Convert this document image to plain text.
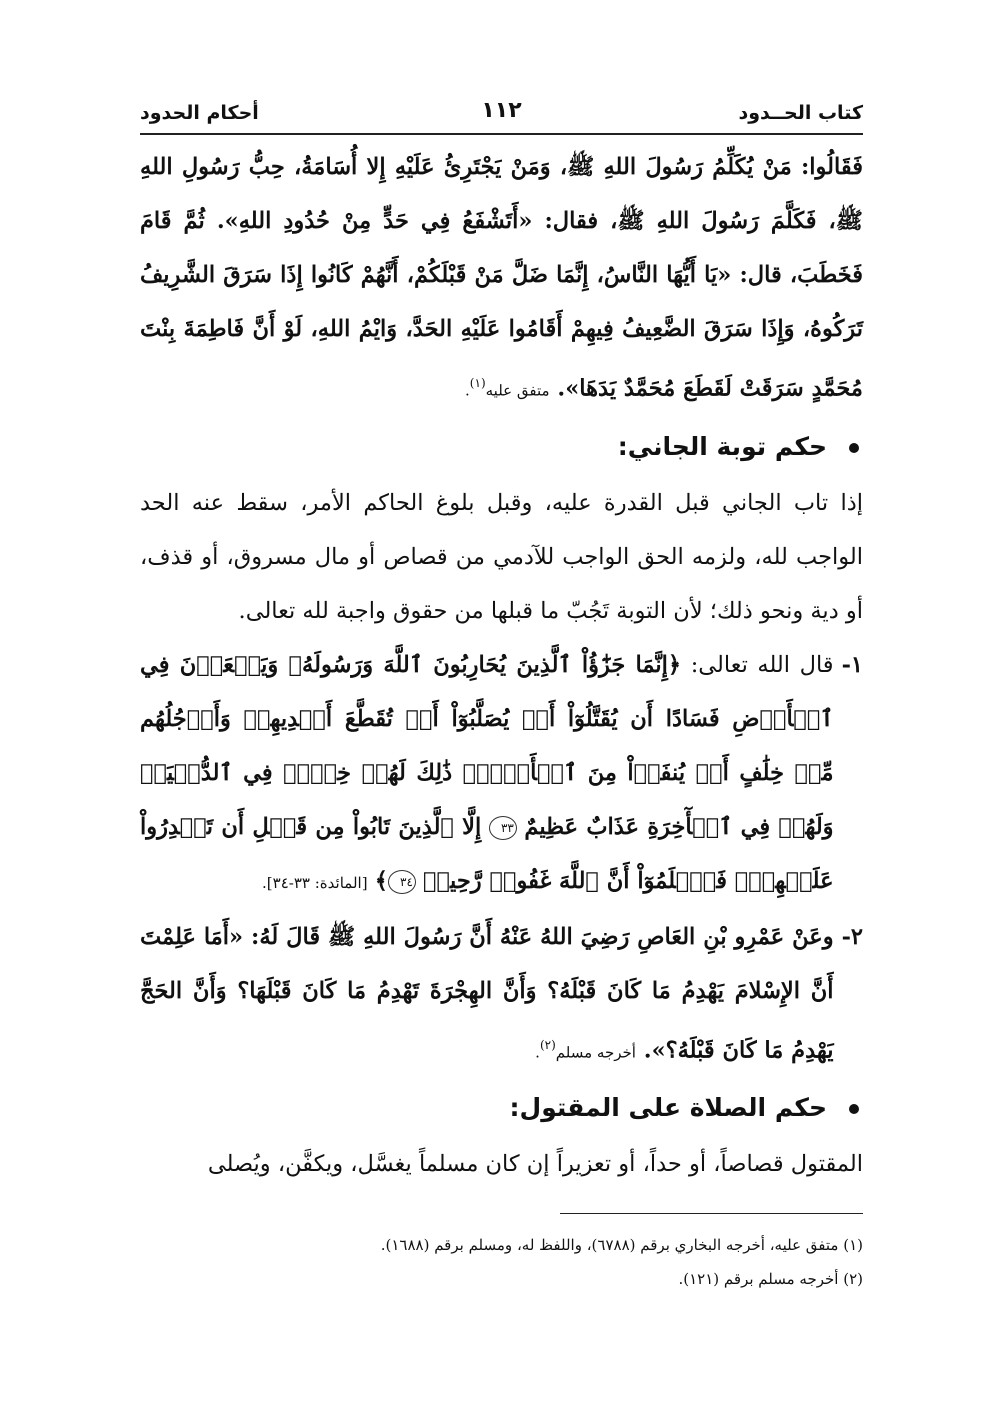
كتاب الحــدود
١١٢
أحكام الحدود

فَقَالُوا: مَنْ يُكَلِّمُ رَسُولَ اللهِ ﷺ، وَمَنْ يَجْتَرِئُ عَلَيْهِ إِلا أُسَامَةُ، حِبُّ رَسُولِ اللهِ ﷺ، فَكَلَّمَ رَسُولَ اللهِ ﷺ، فقال: «أَتَشْفَعُ فِي حَدٍّ مِنْ حُدُودِ اللهِ». ثُمَّ قَامَ فَخَطَبَ، قال: «يَا أَيُّهَا النَّاسُ، إِنَّمَا ضَلَّ مَنْ قَبْلَكُمْ، أَنَّهُمْ كَانُوا إِذَا سَرَقَ الشَّرِيفُ تَرَكُوهُ، وَإِذَا سَرَقَ الضَّعِيفُ فِيهِمْ أَقَامُوا عَلَيْهِ الحَدَّ، وَايْمُ اللهِ، لَوْ أَنَّ فَاطِمَةَ بِنْتَ مُحَمَّدٍ سَرَقَتْ لَقَطَعَ مُحَمَّدٌ يَدَهَا». متفق عليه$^{(١)}$.

حكم توبة الجاني:

إذا تاب الجاني قبل القدرة عليه، وقبل بلوغ الحاكم الأمر، سقط عنه الحد الواجب لله، ولزمه الحق الواجب للآدمي من قصاص أو مال مسروق، أو قذف، أو دية ونحو ذلك؛ لأن التوبة تَجُبّ ما قبلها من حقوق واجبة لله تعالى.

١-

قال الله تعالى: ﴿إِنَّمَا جَزَٰٓؤُاْ ٱلَّذِينَ يُحَارِبُونَ ٱللَّهَ وَرَسُولَهُۥ وَيَسۡعَوۡنَ فِي ٱلۡأَرۡضِ فَسَادًا أَن يُقَتَّلُوٓاْ أَوۡ يُصَلَّبُوٓاْ أَوۡ تُقَطَّعَ أَيۡدِيهِمۡ وَأَرۡجُلُهُم مِّنۡ خِلَٰفٍ أَوۡ يُنفَوۡاْ مِنَ ٱلۡأَرۡضِۚ ذَٰلِكَ لَهُمۡ خِزۡيٞ فِي ٱلدُّنۡيَاۖ وَلَهُمۡ فِي ٱلۡأٓخِرَةِ عَذَابٌ عَظِيمٌ ٣٣ إِلَّا ٱلَّذِينَ تَابُواْ مِن قَبۡلِ أَن تَقۡدِرُواْ عَلَيۡهِمۡۖ فَٱعۡلَمُوٓاْ أَنَّ ٱللَّهَ غَفُورٞ رَّحِيمٞ ٣٤﴾ [المائدة: ٣٣-٣٤].

٢-

وعَنْ عَمْرِو بْنِ العَاصِ رَضِيَ اللهُ عَنْهُ أَنَّ رَسُولَ اللهِ ﷺ قَالَ لَهُ: «أَمَا عَلِمْتَ أَنَّ الإِسْلامَ يَهْدِمُ مَا كَانَ قَبْلَهُ؟ وَأَنَّ الهِجْرَةَ تَهْدِمُ مَا كَانَ قَبْلَهَا؟ وَأَنَّ الحَجَّ يَهْدِمُ مَا كَانَ قَبْلَهُ؟». أخرجه مسلم$^{(٢)}$.

حكم الصلاة على المقتول:

المقتول قصاصاً، أو حداً، أو تعزيراً إن كان مسلماً يغسَّل، ويكفَّن، ويُصلى

(١) متفق عليه، أخرجه البخاري برقم (٦٧٨٨)، واللفظ له، ومسلم برقم (١٦٨٨).
(٢) أخرجه مسلم برقم (١٢١).
